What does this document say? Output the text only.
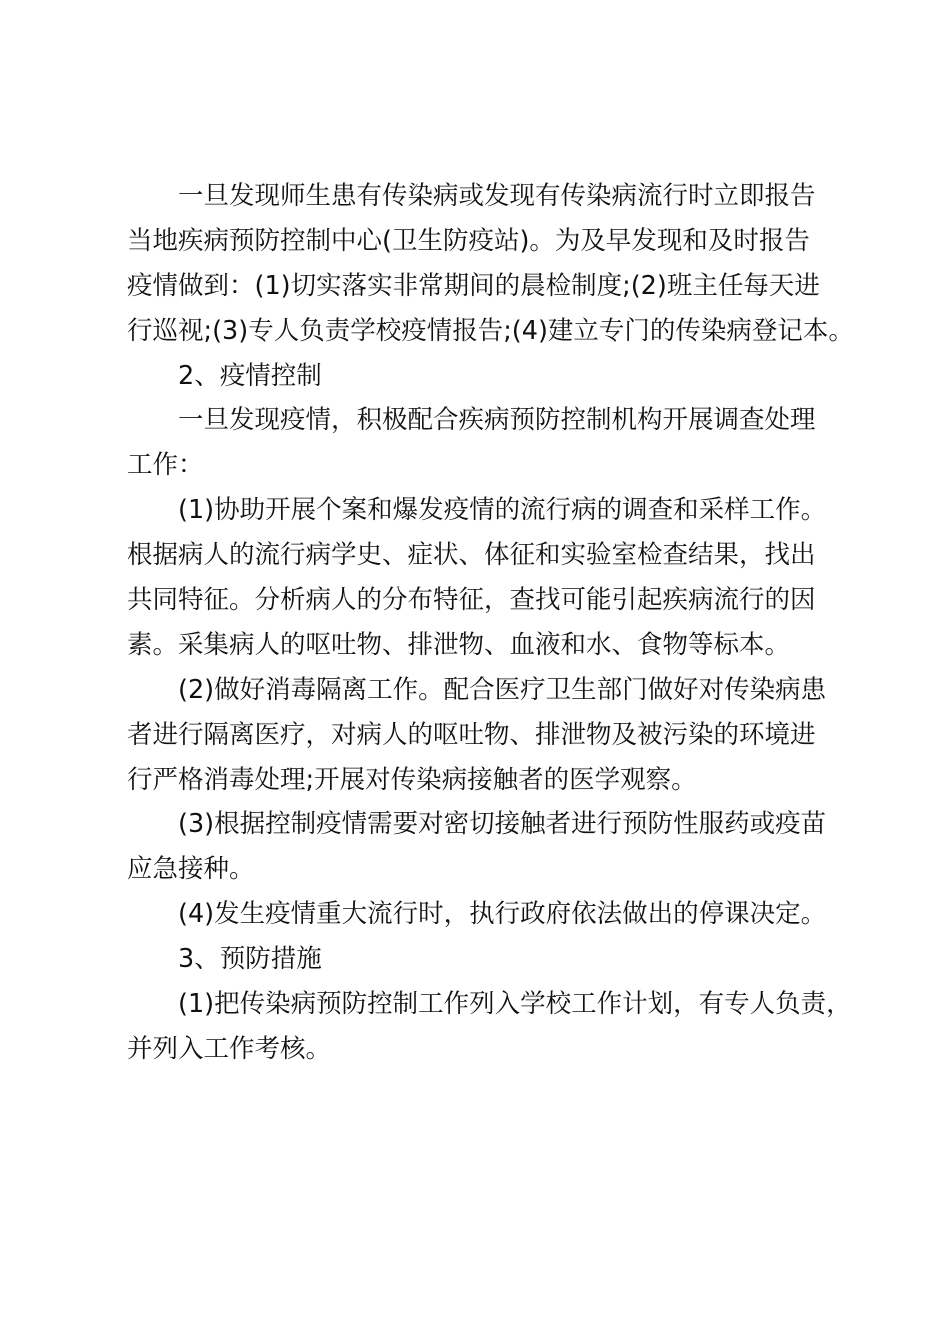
一旦发现师生患有传染病或发现有传染病流行时立即报告
当地疾病预防控制中心(卫生防疫站)。为及早发现和及时报告
疫情做到：(1)切实落实非常期间的晨检制度;(2)班主任每天进
行巡视;(3)专人负责学校疫情报告;(4)建立专门的传染病登记本。
2、疫情控制
一旦发现疫情，积极配合疾病预防控制机构开展调查处理
工作：
(1)协助开展个案和爆发疫情的流行病的调查和采样工作。
根据病人的流行病学史、症状、体征和实验室检查结果，找出
共同特征。分析病人的分布特征，查找可能引起疾病流行的因
素。采集病人的呕吐物、排泄物、血液和水、食物等标本。
(2)做好消毒隔离工作。配合医疗卫生部门做好对传染病患
者进行隔离医疗，对病人的呕吐物、排泄物及被污染的环境进
行严格消毒处理;开展对传染病接触者的医学观察。
(3)根据控制疫情需要对密切接触者进行预防性服药或疫苗
应急接种。
(4)发生疫情重大流行时，执行政府依法做出的停课决定。
3、预防措施
(1)把传染病预防控制工作列入学校工作计划，有专人负责，
并列入工作考核。
